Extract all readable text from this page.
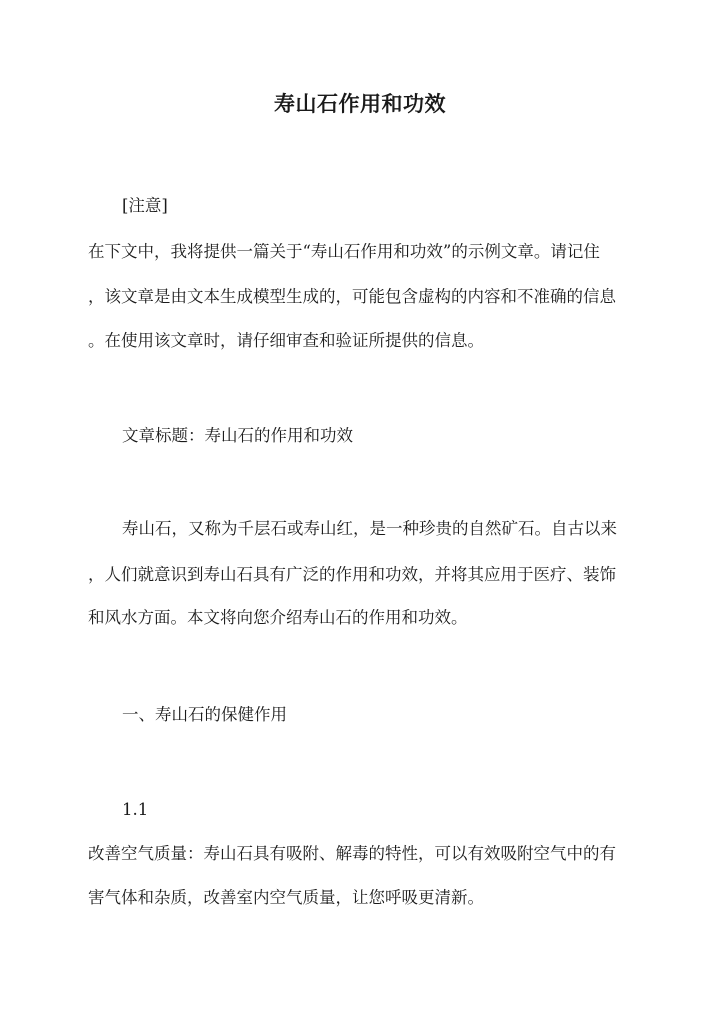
寿山石作用和功效
[注意]
在下文中，我将提供一篇关于“寿山石作用和功效”的示例文章。请记住
，该文章是由文本生成模型生成的，可能包含虚构的内容和不准确的信息
。在使用该文章时，请仔细审查和验证所提供的信息。
文章标题：寿山石的作用和功效
寿山石，又称为千层石或寿山红，是一种珍贵的自然矿石。自古以来
，人们就意识到寿山石具有广泛的作用和功效，并将其应用于医疗、装饰
和风水方面。本文将向您介绍寿山石的作用和功效。
一、寿山石的保健作用
1.1
改善空气质量：寿山石具有吸附、解毒的特性，可以有效吸附空气中的有
害气体和杂质，改善室内空气质量，让您呼吸更清新。
